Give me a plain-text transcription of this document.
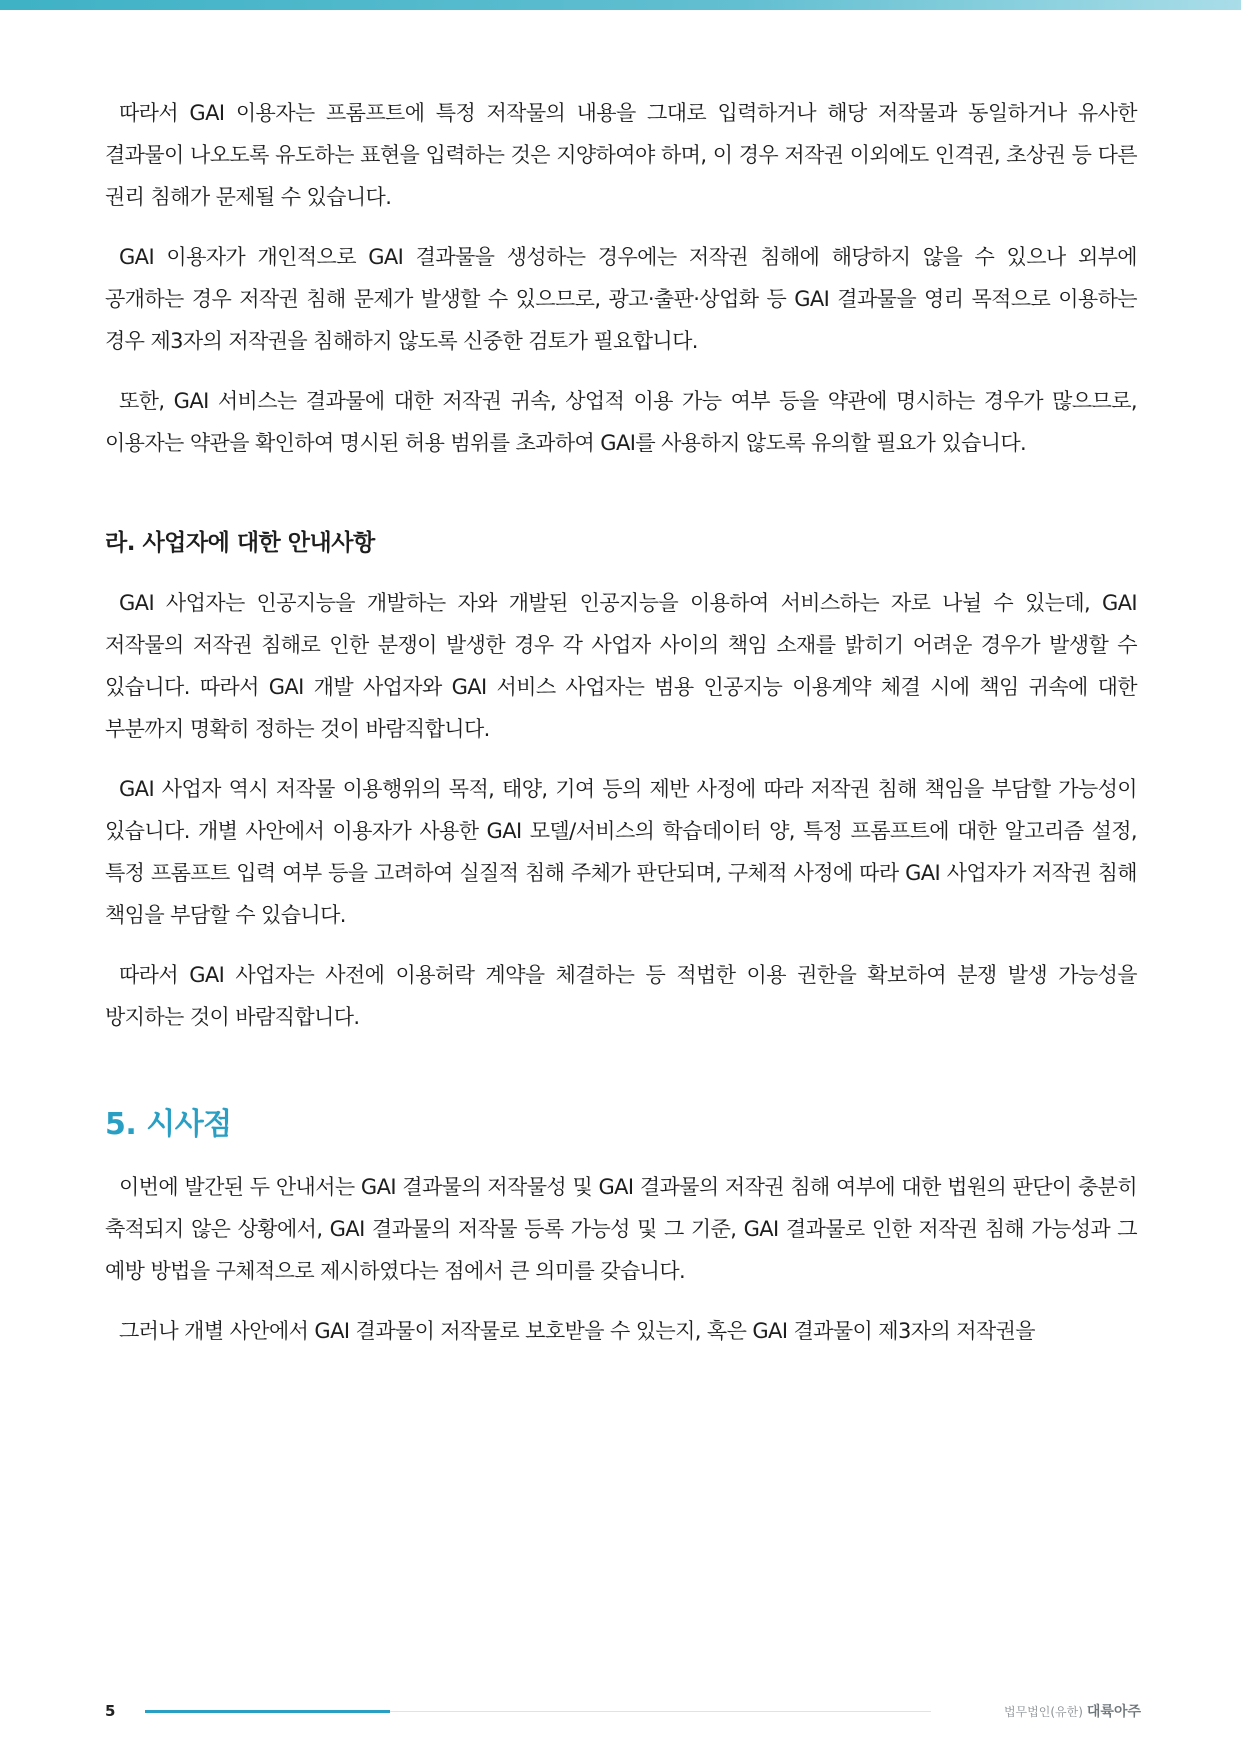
따라서 GAI 이용자는 프롬프트에 특정 저작물의 내용을 그대로 입력하거나 해당 저작물과 동일하거나 유사한 결과물이 나오도록 유도하는 표현을 입력하는 것은 지양하여야 하며, 이 경우 저작권 이외에도 인격권, 초상권 등 다른 권리 침해가 문제될 수 있습니다.

GAI 이용자가 개인적으로 GAI 결과물을 생성하는 경우에는 저작권 침해에 해당하지 않을 수 있으나 외부에 공개하는 경우 저작권 침해 문제가 발생할 수 있으므로, 광고·출판·상업화 등 GAI 결과물을 영리 목적으로 이용하는 경우 제3자의 저작권을 침해하지 않도록 신중한 검토가 필요합니다.

또한, GAI 서비스는 결과물에 대한 저작권 귀속, 상업적 이용 가능 여부 등을 약관에 명시하는 경우가 많으므로, 이용자는 약관을 확인하여 명시된 허용 범위를 초과하여 GAI를 사용하지 않도록 유의할 필요가 있습니다.

라. 사업자에 대한 안내사항

GAI 사업자는 인공지능을 개발하는 자와 개발된 인공지능을 이용하여 서비스하는 자로 나뉠 수 있는데, GAI 저작물의 저작권 침해로 인한 분쟁이 발생한 경우 각 사업자 사이의 책임 소재를 밝히기 어려운 경우가 발생할 수 있습니다. 따라서 GAI 개발 사업자와 GAI 서비스 사업자는 범용 인공지능 이용계약 체결 시에 책임 귀속에 대한 부분까지 명확히 정하는 것이 바람직합니다.

GAI 사업자 역시 저작물 이용행위의 목적, 태양, 기여 등의 제반 사정에 따라 저작권 침해 책임을 부담할 가능성이 있습니다. 개별 사안에서 이용자가 사용한 GAI 모델/서비스의 학습데이터 양, 특정 프롬프트에 대한 알고리즘 설정, 특정 프롬프트 입력 여부 등을 고려하여 실질적 침해 주체가 판단되며, 구체적 사정에 따라 GAI 사업자가 저작권 침해 책임을 부담할 수 있습니다.

따라서 GAI 사업자는 사전에 이용허락 계약을 체결하는 등 적법한 이용 권한을 확보하여 분쟁 발생 가능성을 방지하는 것이 바람직합니다.

5. 시사점

이번에 발간된 두 안내서는 GAI 결과물의 저작물성 및 GAI 결과물의 저작권 침해 여부에 대한 법원의 판단이 충분히 축적되지 않은 상황에서, GAI 결과물의 저작물 등록 가능성 및 그 기준, GAI 결과물로 인한 저작권 침해 가능성과 그 예방 방법을 구체적으로 제시하였다는 점에서 큰 의미를 갖습니다.

그러나 개별 사안에서 GAI 결과물이 저작물로 보호받을 수 있는지, 혹은 GAI 결과물이 제3자의 저작권을

5	법무법인(유한) 대륙아주
